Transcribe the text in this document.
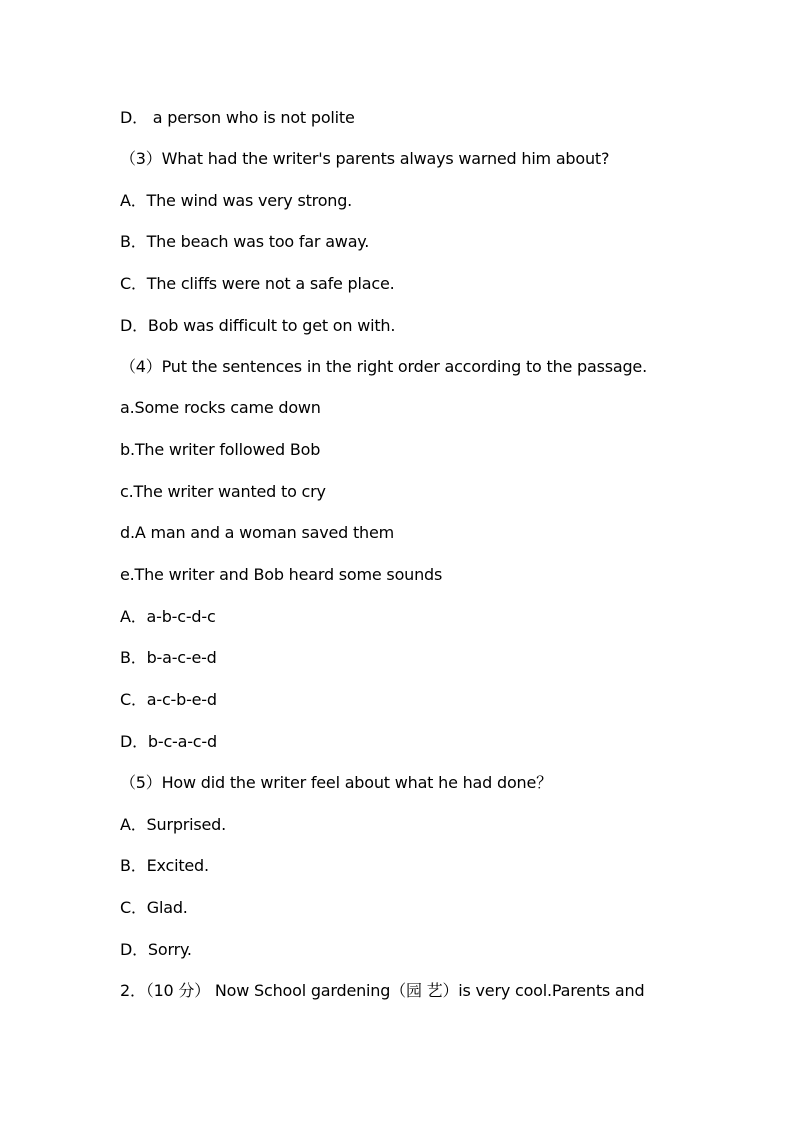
D． a person who is not polite
（3）What had the writer's parents always warned him about?
A．The wind was very strong.
B．The beach was too far away.
C．The cliffs were not a safe place.
D．Bob was difficult to get on with.
（4）Put the sentences in the right order according to the passage.
a.Some rocks came down
b.The writer followed Bob
c.The writer wanted to cry
d.A man and a woman saved them
e.The writer and Bob heard some sounds
A．a-b-c-d-c
B．b-a-c-e-d
C．a-c-b-e-d
D．b-c-a-c-d
（5）How did the writer feel about what he had done？
A．Surprised.
B．Excited.
C．Glad.
D．Sorry.
2．（10 分） Now School gardening（园 艺）is very cool.Parents and
